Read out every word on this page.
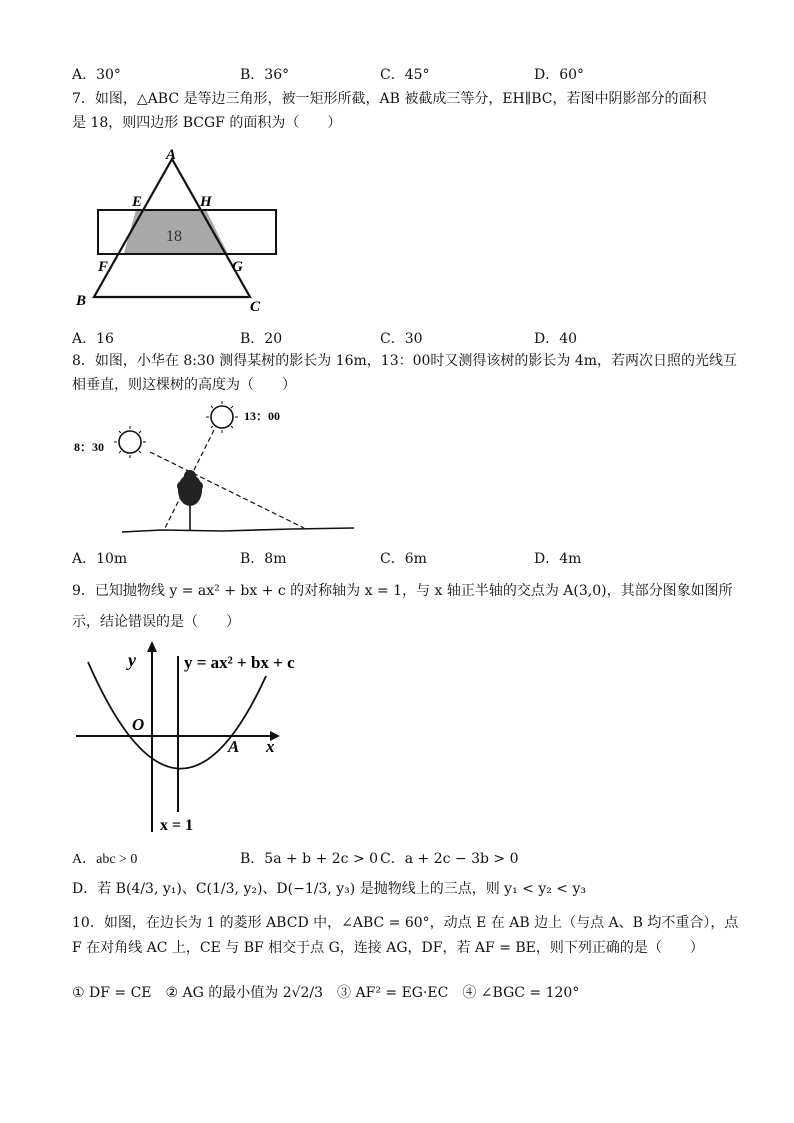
A．30°	B．36°	C．45°	D．60°
7．如图，△ABC 是等边三角形，被一矩形所截，AB 被截成三等分，EH∥BC，若图中阴影部分的面积
是 18，则四边形 BCGF 的面积为（　　）
A
E	H
F	G
B	C
18
A．16	B．20	C．30	D．40
8．如图，小华在 8:30 测得某树的影长为 16m，13：00时又测得该树的影长为 4m，若两次日照的光线互
相垂直，则这棵树的高度为（　　）
8：30
13：00
A．10m	B．8m	C．6m	D．4m
9．已知抛物线 y = ax² + bx + c 的对称轴为 x = 1，与 x 轴正半轴的交点为 A(3,0)，其部分图象如图所
示，结论错误的是（　　）
y	y = ax² + bx + c
O
A x
x = 1
A．abc > 0	B．5a + b + 2c > 0 C．a + 2c − 3b > 0
D．若 B(4/3, y₁)、C(1/3, y₂)、D(−1/3, y₃) 是抛物线上的三点，则 y₁ < y₂ < y₃
10．如图，在边长为 1 的菱形 ABCD 中，∠ABC = 60°，动点 E 在 AB 边上（与点 A、B 均不重合），点
F 在对角线 AC 上，CE 与 BF 相交于点 G，连接 AG，DF，若 AF = BE，则下列正确的是（　　）
① DF = CE　② AG 的最小值为 2√2/3　③ AF² = EG·EC　④ ∠BGC = 120°
